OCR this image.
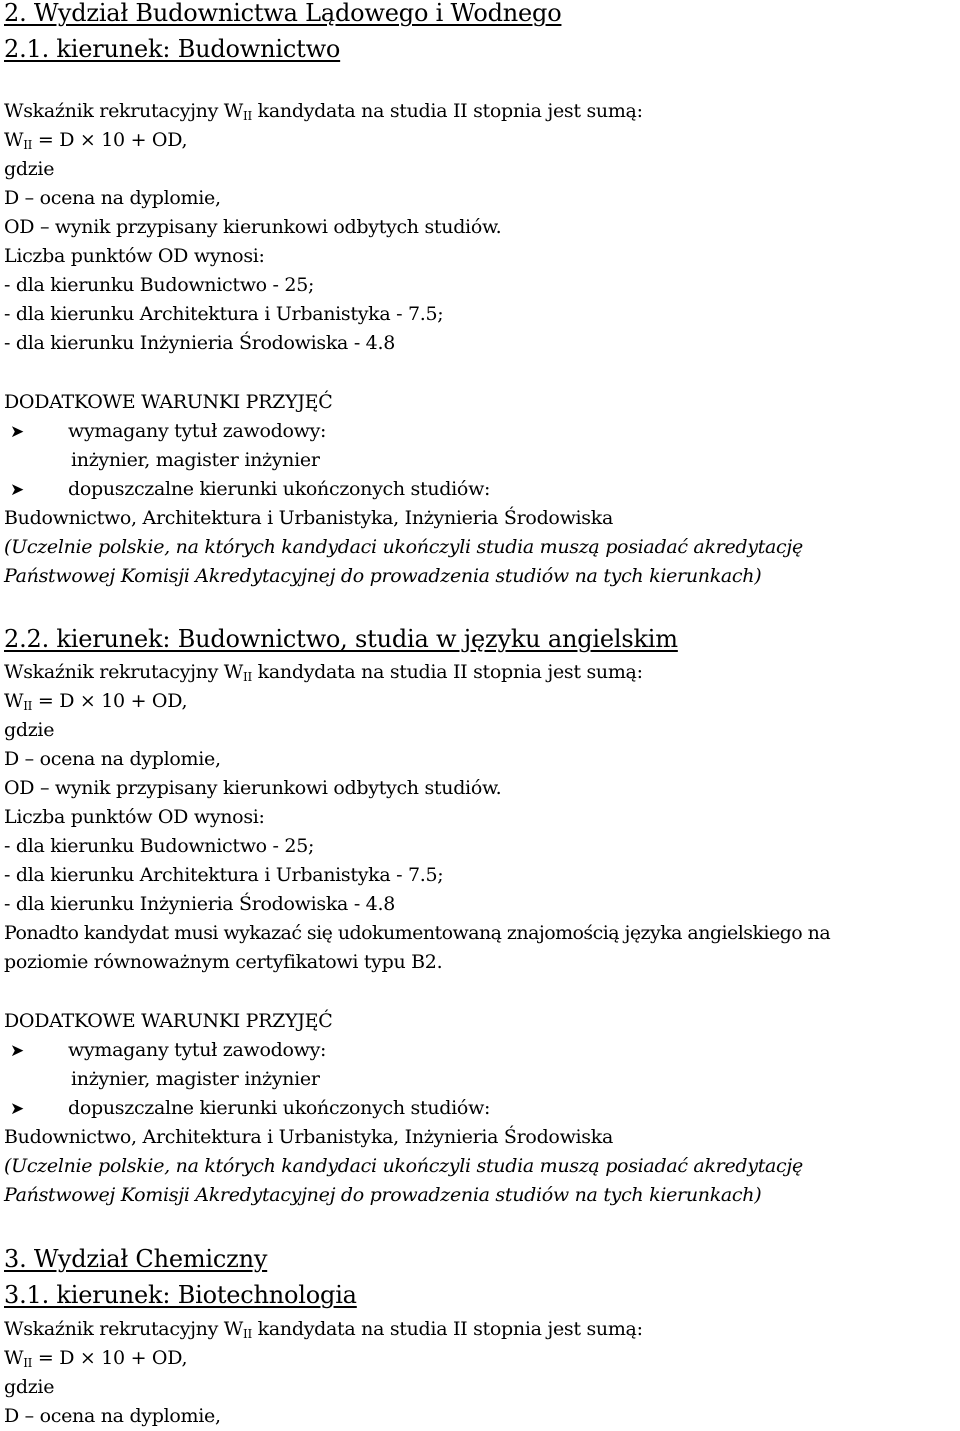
2. Wydział Budownictwa Lądowego i Wodnego
2.1. kierunek: Budownictwo
Wskaźnik rekrutacyjny $W_{II}$ kandydata na studia II stopnia jest sumą:
$W_{II} = D \times 10$ + OD,
gdzie
D – ocena na dyplomie,
OD – wynik przypisany kierunkowi odbytych studiów.
Liczba punktów OD wynosi:
- dla kierunku Budownictwo - 25;
- dla kierunku Architektura i Urbanistyka - 7.5;
- dla kierunku Inżynieria Środowiska - 4.8
DODATKOWE WARUNKI PRZYJĘĆ
➤ wymagany tytuł zawodowy:
inżynier, magister inżynier
➤ dopuszczalne kierunki ukończonych studiów:
Budownictwo, Architektura i Urbanistyka, Inżynieria Środowiska
(Uczelnie polskie, na których kandydaci ukończyli studia muszą posiadać akredytację
Państwowej Komisji Akredytacyjnej do prowadzenia studiów na tych kierunkach)
2.2. kierunek: Budownictwo, studia w języku angielskim
Wskaźnik rekrutacyjny $W_{II}$ kandydata na studia II stopnia jest sumą:
$W_{II} = D \times 10$ + OD,
gdzie
D – ocena na dyplomie,
OD – wynik przypisany kierunkowi odbytych studiów.
Liczba punktów OD wynosi:
- dla kierunku Budownictwo - 25;
- dla kierunku Architektura i Urbanistyka - 7.5;
- dla kierunku Inżynieria Środowiska - 4.8
Ponadto kandydat musi wykazać się udokumentowaną znajomością języka angielskiego na
poziomie równoważnym certyfikatowi typu B2.
DODATKOWE WARUNKI PRZYJĘĆ
➤ wymagany tytuł zawodowy:
inżynier, magister inżynier
➤ dopuszczalne kierunki ukończonych studiów:
Budownictwo, Architektura i Urbanistyka, Inżynieria Środowiska
(Uczelnie polskie, na których kandydaci ukończyli studia muszą posiadać akredytację
Państwowej Komisji Akredytacyjnej do prowadzenia studiów na tych kierunkach)
3. Wydział Chemiczny
3.1. kierunek: Biotechnologia
Wskaźnik rekrutacyjny $W_{II}$ kandydata na studia II stopnia jest sumą:
$W_{II} = D \times 10$ + OD,
gdzie
D – ocena na dyplomie,
